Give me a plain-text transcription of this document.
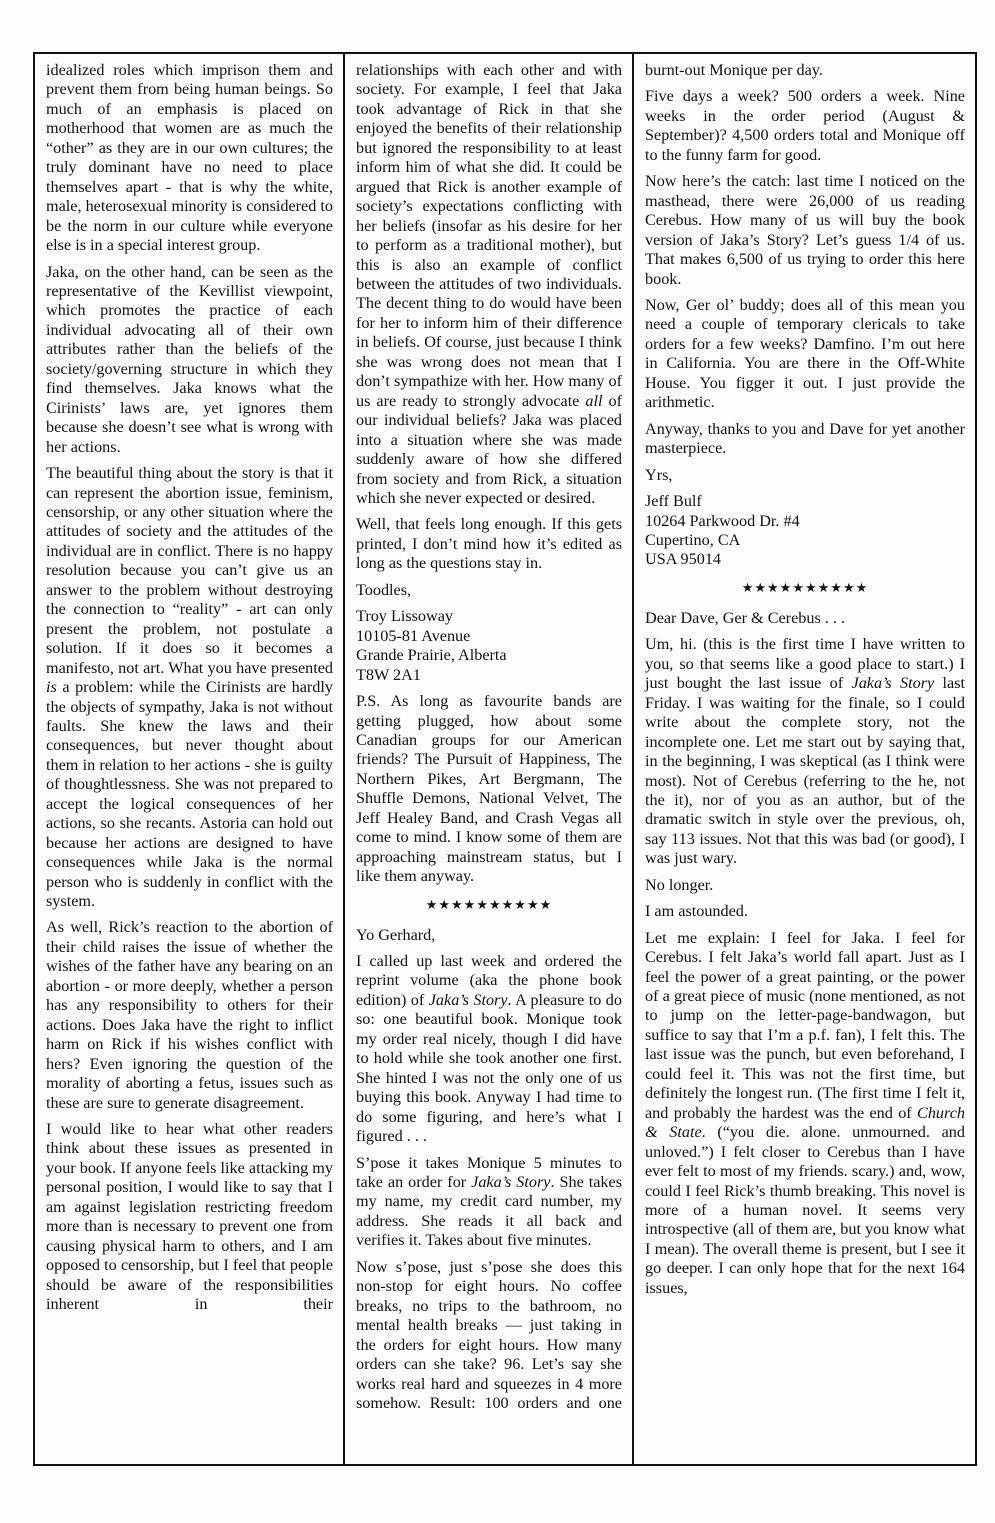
idealized roles which imprison them and prevent them from being human beings. So much of an emphasis is placed on motherhood that women are as much the “other” as they are in our own cultures; the truly dominant have no need to place themselves apart - that is why the white, male, heterosexual minority is considered to be the norm in our culture while everyone else is in a special interest group.

Jaka, on the other hand, can be seen as the representative of the Kevillist viewpoint, which promotes the practice of each individual advocating all of their own attributes rather than the beliefs of the society/governing structure in which they find themselves. Jaka knows what the Cirinists’ laws are, yet ignores them because she doesn’t see what is wrong with her actions.

The beautiful thing about the story is that it can represent the abortion issue, feminism, censorship, or any other situation where the attitudes of society and the attitudes of the individual are in conflict. There is no happy resolution because you can’t give us an answer to the problem without destroying the connection to “reality” - art can only present the problem, not postulate a solution. If it does so it becomes a manifesto, not art. What you have presented is a problem: while the Cirinists are hardly the objects of sympathy, Jaka is not without faults. She knew the laws and their consequences, but never thought about them in relation to her actions - she is guilty of thoughtlessness. She was not prepared to accept the logical consequences of her actions, so she recants. Astoria can hold out because her actions are designed to have consequences while Jaka is the normal person who is suddenly in conflict with the system.

As well, Rick’s reaction to the abortion of their child raises the issue of whether the wishes of the father have any bearing on an abortion - or more deeply, whether a person has any responsibility to others for their actions. Does Jaka have the right to inflict harm on Rick if his wishes conflict with hers? Even ignoring the question of the morality of aborting a fetus, issues such as these are sure to generate disagreement.

I would like to hear what other readers think about these issues as presented in your book. If anyone feels like attacking my personal position, I would like to say that I am against legislation restricting freedom more than is necessary to prevent one from causing physical harm to others, and I am opposed to censorship, but I feel that people should be aware of the responsibilities inherent in their

relationships with each other and with society. For example, I feel that Jaka took advantage of Rick in that she enjoyed the benefits of their relationship but ignored the responsibility to at least inform him of what she did. It could be argued that Rick is another example of society’s expectations conflicting with her beliefs (insofar as his desire for her to perform as a traditional mother), but this is also an example of conflict between the attitudes of two individuals. The decent thing to do would have been for her to inform him of their difference in beliefs. Of course, just because I think she was wrong does not mean that I don’t sympathize with her. How many of us are ready to strongly advocate all of our individual beliefs? Jaka was placed into a situation where she was made suddenly aware of how she differed from society and from Rick, a situation which she never expected or desired.

Well, that feels long enough. If this gets printed, I don’t mind how it’s edited as long as the questions stay in.

Toodles,

Troy Lissoway
10105-81 Avenue
Grande Prairie, Alberta
T8W 2A1

P.S. As long as favourite bands are getting plugged, how about some Canadian groups for our American friends? The Pursuit of Happiness, The Northern Pikes, Art Bergmann, The Shuffle Demons, National Velvet, The Jeff Healey Band, and Crash Vegas all come to mind. I know some of them are approaching mainstream status, but I like them anyway.

★★★★★★★★★★

Yo Gerhard,

I called up last week and ordered the reprint volume (aka the phone book edition) of Jaka’s Story. A pleasure to do so: one beautiful book. Monique took my order real nicely, though I did have to hold while she took another one first. She hinted I was not the only one of us buying this book. Anyway I had time to do some figuring, and here’s what I figured . . .

S’pose it takes Monique 5 minutes to take an order for Jaka’s Story. She takes my name, my credit card number, my address. She reads it all back and verifies it. Takes about five minutes.

Now s’pose, just s’pose she does this non-stop for eight hours. No coffee breaks, no trips to the bathroom, no mental health breaks — just taking in the orders for eight hours. How many orders can she take? 96. Let’s say she works real hard and squeezes in 4 more somehow. Result: 100 orders and one

burnt-out Monique per day.

Five days a week? 500 orders a week. Nine weeks in the order period (August & September)? 4,500 orders total and Monique off to the funny farm for good.

Now here’s the catch: last time I noticed on the masthead, there were 26,000 of us reading Cerebus. How many of us will buy the book version of Jaka’s Story? Let’s guess 1/4 of us. That makes 6,500 of us trying to order this here book.

Now, Ger ol’ buddy; does all of this mean you need a couple of temporary clericals to take orders for a few weeks? Damfino. I’m out here in California. You are there in the Off-White House. You figger it out. I just provide the arithmetic.

Anyway, thanks to you and Dave for yet another masterpiece.

Yrs,

Jeff Bulf
10264 Parkwood Dr. #4
Cupertino, CA
USA 95014
★★★★★★★★★★

Dear Dave, Ger & Cerebus . . .

Um, hi. (this is the first time I have written to you, so that seems like a good place to start.) I just bought the last issue of Jaka’s Story last Friday. I was waiting for the finale, so I could write about the complete story, not the incomplete one. Let me start out by saying that, in the beginning, I was skeptical (as I think were most). Not of Cerebus (referring to the he, not the it), nor of you as an author, but of the dramatic switch in style over the previous, oh, say 113 issues. Not that this was bad (or good), I was just wary.

No longer.

I am astounded.

Let me explain: I feel for Jaka. I feel for Cerebus. I felt Jaka’s world fall apart. Just as I feel the power of a great painting, or the power of a great piece of music (none mentioned, as not to jump on the letter-page-bandwagon, but suffice to say that I’m a p.f. fan), I felt this. The last issue was the punch, but even beforehand, I could feel it. This was not the first time, but definitely the longest run. (The first time I felt it, and probably the hardest was the end of Church & State. (“you die. alone. unmourned. and unloved.”) I felt closer to Cerebus than I have ever felt to most of my friends. scary.) and, wow, could I feel Rick’s thumb breaking. This novel is more of a human novel. It seems very introspective (all of them are, but you know what I mean). The overall theme is present, but I see it go deeper. I can only hope that for the next 164 issues,
